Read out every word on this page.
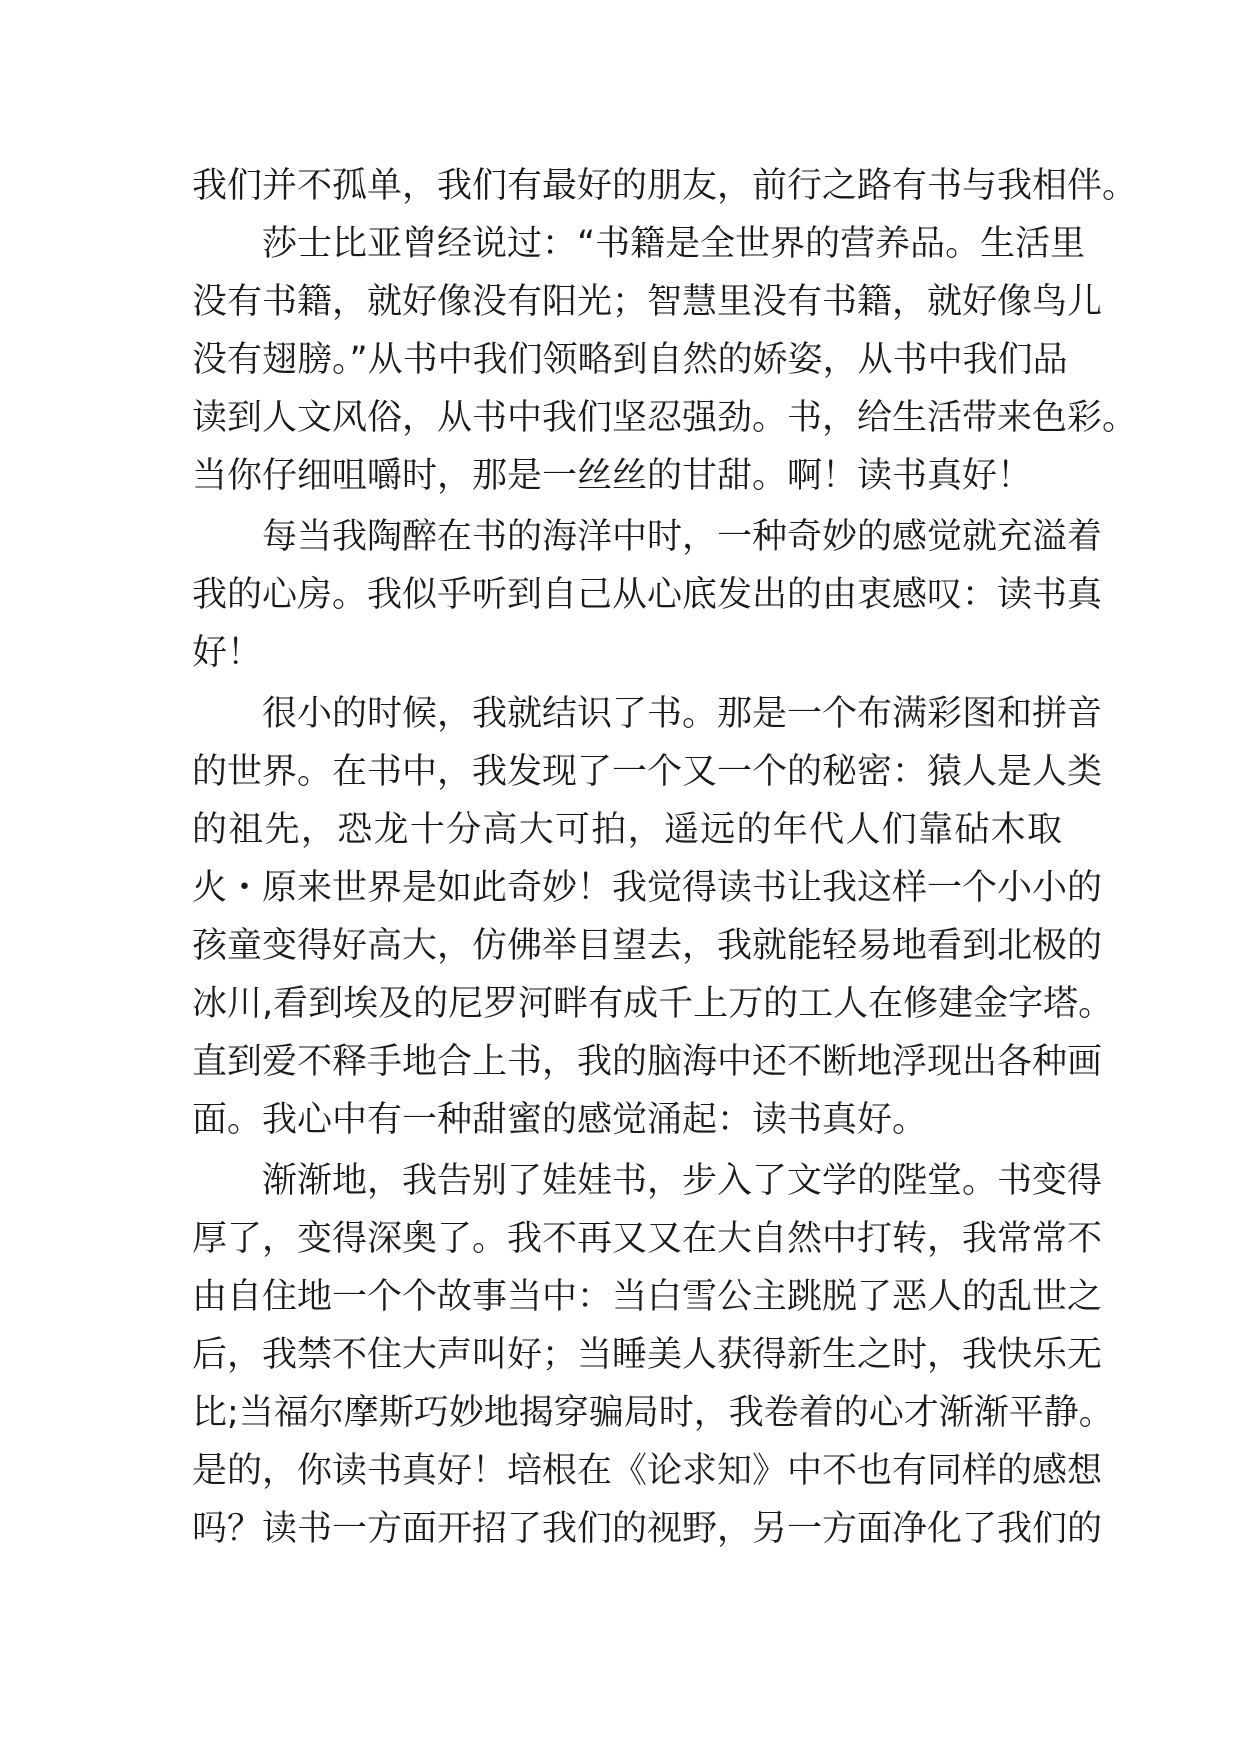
我们并不孤单，我们有最好的朋友，前行之路有书与我相伴。
莎士比亚曾经说过：“书籍是全世界的营养品。生活里
没有书籍，就好像没有阳光；智慧里没有书籍，就好像鸟儿
没有翅膀。”从书中我们领略到自然的娇姿，从书中我们品
读到人文风俗，从书中我们坚忍强劲。书，给生活带来色彩。
当你仔细咀嚼时，那是一丝丝的甘甜。啊！读书真好！
每当我陶醉在书的海洋中时，一种奇妙的感觉就充溢着
我的心房。我似乎听到自己从心底发出的由衷感叹：读书真
好！
很小的时候，我就结识了书。那是一个布满彩图和拼音
的世界。在书中，我发现了一个又一个的秘密：猿人是人类
的祖先，恐龙十分高大可拍，遥远的年代人们靠砧木取
火・原来世界是如此奇妙！我觉得读书让我这样一个小小的
孩童变得好高大，仿佛举目望去，我就能轻易地看到北极的
冰川,看到埃及的尼罗河畔有成千上万的工人在修建金字塔。
直到爱不释手地合上书，我的脑海中还不断地浮现出各种画
面。我心中有一种甜蜜的感觉涌起：读书真好。
渐渐地，我告别了娃娃书，步入了文学的陛堂。书变得
厚了，变得深奥了。我不再又又在大自然中打转，我常常不
由自住地一个个故事当中：当白雪公主跳脱了恶人的乱世之
后，我禁不住大声叫好；当睡美人获得新生之时，我快乐无
比;当福尔摩斯巧妙地揭穿骗局时，我卷着的心才渐渐平静。
是的，你读书真好！培根在《论求知》中不也有同样的感想
吗？读书一方面开招了我们的视野，另一方面净化了我们的
